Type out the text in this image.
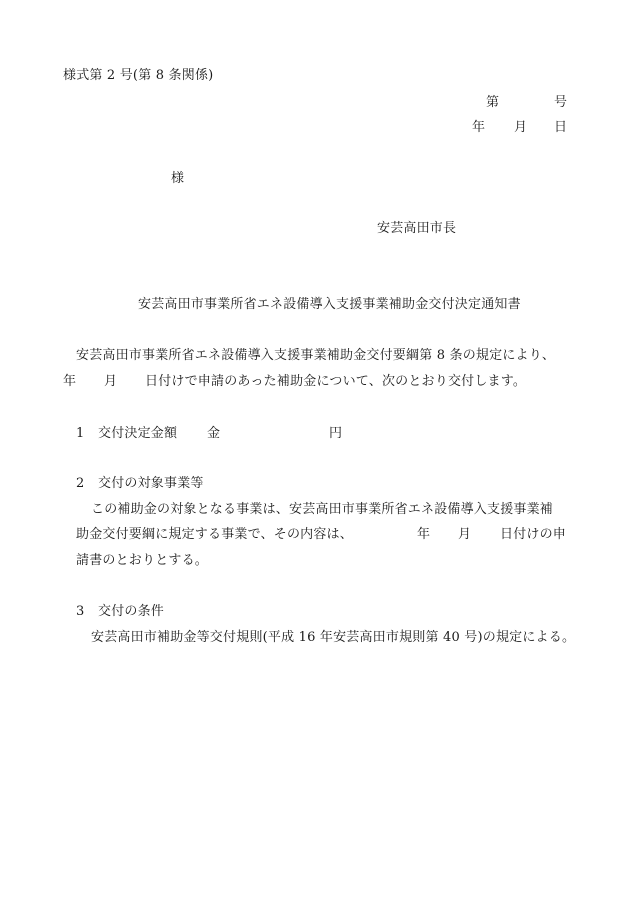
様式第 2 号(第 8 条関係)
第	号
年 月 日
様
安芸高田市長
安芸高田市事業所省エネ設備導入支援事業補助金交付決定通知書
安芸高田市事業所省エネ設備導入支援事業補助金交付要綱第 8 条の規定により、
年 月 日付けで申請のあった補助金について、次のとおり交付します。
1 交付決定金額 金	円
2 交付の対象事業等
この補助金の対象となる事業は、安芸高田市事業所省エネ設備導入支援事業補
助金交付要綱に規定する事業で、その内容は、	年 月 日付けの申
請書のとおりとする。
3 交付の条件
安芸高田市補助金等交付規則(平成 16 年安芸高田市規則第 40 号)の規定による。
